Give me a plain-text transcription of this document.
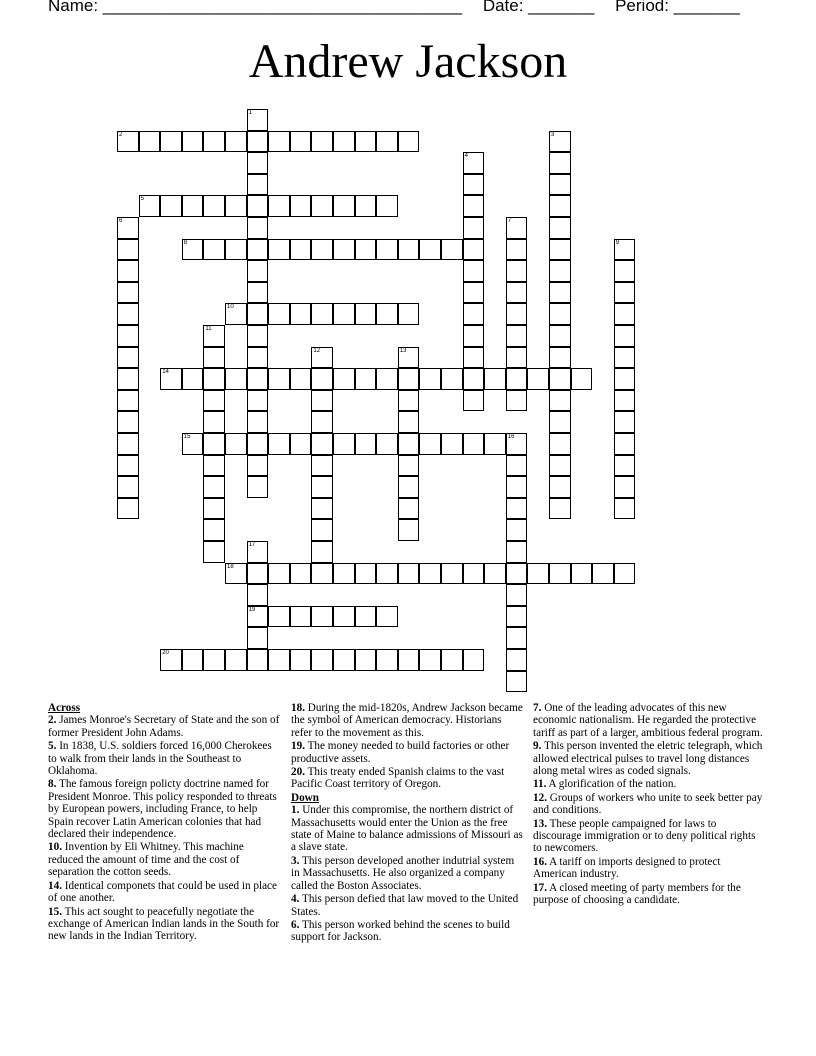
Name: ______________________________________ Date: _______ Period: _______
Andrew Jackson
1
2	3
4
5
6	7
8	9
10
11
12	13
14
15	16
17
19
18
20

Across

2. James Monroe's Secretary of State and the son of former President John Adams.

5. In 1838, U.S. soldiers forced 16,000 Cherokees to walk from their lands in the Southeast to Oklahoma.

8. The famous foreign policty doctrine named for President Monroe. This policy responded to threats by European powers, including France, to help Spain recover Latin American colonies that had declared their independence.

10. Invention by Eli Whitney. This machine reduced the amount of time and the cost of separation the cotton seeds.

14. Identical componets that could be used in place of one another.

15. This act sought to peacefully negotiate the exchange of American Indian lands in the South for new lands in the Indian Territory.

18. During the mid-1820s, Andrew Jackson became the symbol of American democracy. Historians refer to the movement as this.

19. The money needed to build factories or other productive assets.

20. This treaty ended Spanish claims to the vast Pacific Coast territory of Oregon.

Down

1. Under this compromise, the northern district of Massachusetts would enter the Union as the free state of Maine to balance admissions of Missouri as a slave state.

3. This person developed another indutrial system in Massachusetts. He also organized a company called the Boston Associates.

4. This person defied that law moved to the United States.

6. This person worked behind the scenes to build support for Jackson.

7. One of the leading advocates of this new economic nationalism. He regarded the protective tariff as part of a larger, ambitious federal program.

9. This person invented the eletric telegraph, which allowed electrical pulses to travel long distances along metal wires as coded signals.

11. A glorification of the nation.

12. Groups of workers who unite to seek better pay and conditions.

13. These people campaigned for laws to discourage immigration or to deny political rights to newcomers.

16. A tariff on imports designed to protect American industry.

17. A closed meeting of party members for the purpose of choosing a candidate.
